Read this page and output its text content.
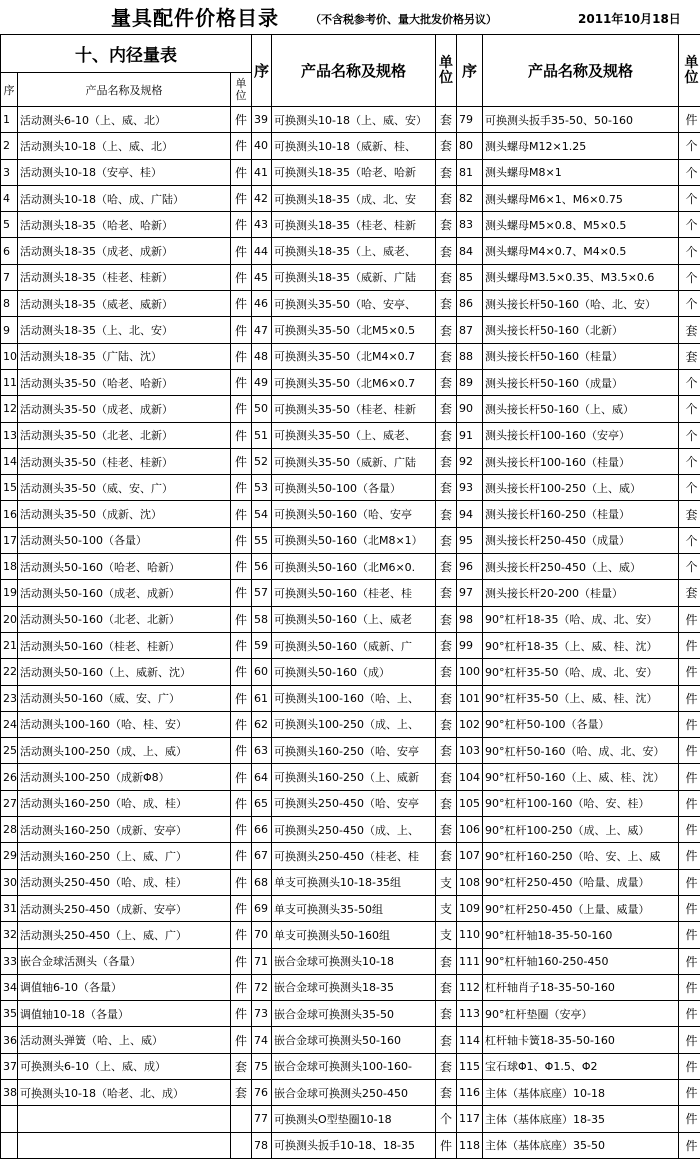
量具配件价格目录	（不含税参考价、量大批发价格另议）	2011年10月18日
十、内径量表			序	产品名称及规格	单位	序	产品名称及规格	单位
序	产品名称及规格	单位						
1	活动测头6-10（上、威、北）	件	39	可换测头10-18（上、威、安）	套	79	可换测头扳手35-50、50-160	件
2	活动测头10-18（上、威、北）	件	40	可换测头10-18（威新、桂、	套	80	测头螺母M12×1.25	个
3	活动测头10-18（安亭、桂）	件	41	可换测头18-35（哈老、哈新	套	81	测头螺母M8×1	个
4	活动测头10-18（哈、成、广陆）	件	42	可换测头18-35（成、北、安	套	82	测头螺母M6×1、M6×0.75	个
5	活动测头18-35（哈老、哈新）	件	43	可换测头18-35（桂老、桂新	套	83	测头螺母M5×0.8、M5×0.5	个
6	活动测头18-35（成老、成新）	件	44	可换测头18-35（上、威老、	套	84	测头螺母M4×0.7、M4×0.5	个
7	活动测头18-35（桂老、桂新）	件	45	可换测头18-35（威新、广陆	套	85	测头螺母M3.5×0.35、M3.5×0.6	个
8	活动测头18-35（威老、威新）	件	46	可换测头35-50（哈、安亭、	套	86	测头接长杆50-160（哈、北、安）	个
9	活动测头18-35（上、北、安）	件	47	可换测头35-50（北M5×0.5	套	87	测头接长杆50-160（北新）	套
10	活动测头18-35（广陆、沈）	件	48	可换测头35-50（北M4×0.7	套	88	测头接长杆50-160（桂量）	套
11	活动测头35-50（哈老、哈新）	件	49	可换测头35-50（北M6×0.7	套	89	测头接长杆50-160（成量）	个
12	活动测头35-50（成老、成新）	件	50	可换测头35-50（桂老、桂新	套	90	测头接长杆50-160（上、威）	个
13	活动测头35-50（北老、北新）	件	51	可换测头35-50（上、威老、	套	91	测头接长杆100-160（安亭）	个
14	活动测头35-50（桂老、桂新）	件	52	可换测头35-50（威新、广陆	套	92	测头接长杆100-160（桂量）	个
15	活动测头35-50（威、安、广）	件	53	可换测头50-100（各量）	套	93	测头接长杆100-250（上、威）	个
16	活动测头35-50（成新、沈）	件	54	可换测头50-160（哈、安亭	套	94	测头接长杆160-250（桂量）	套
17	活动测头50-100（各量）	件	55	可换测头50-160（北M8×1）	套	95	测头接长杆250-450（成量）	个
18	活动测头50-160（哈老、哈新）	件	56	可换测头50-160（北M6×0.	套	96	测头接长杆250-450（上、威）	个
19	活动测头50-160（成老、成新）	件	57	可换测头50-160（桂老、桂	套	97	测头接长杆20-200（桂量）	套
20	活动测头50-160（北老、北新）	件	58	可换测头50-160（上、威老	套	98	90°杠杆18-35（哈、成、北、安）	件
21	活动测头50-160（桂老、桂新）	件	59	可换测头50-160（威新、广	套	99	90°杠杆18-35（上、威、桂、沈）	件
22	活动测头50-160（上、威新、沈）	件	60	可换测头50-160（成）	套	100	90°杠杆35-50（哈、成、北、安）	件
23	活动测头50-160（威、安、广）	件	61	可换测头100-160（哈、上、	套	101	90°杠杆35-50（上、威、桂、沈）	件
24	活动测头100-160（哈、桂、安）	件	62	可换测头100-250（成、上、	套	102	90°杠杆50-100（各量）	件
25	活动测头100-250（成、上、威）	件	63	可换测头160-250（哈、安亭	套	103	90°杠杆50-160（哈、成、北、安）	件
26	活动测头100-250（成新Φ8）	件	64	可换测头160-250（上、威新	套	104	90°杠杆50-160（上、威、桂、沈）	件
27	活动测头160-250（哈、成、桂）	件	65	可换测头250-450（哈、安亭	套	105	90°杠杆100-160（哈、安、桂）	件
28	活动测头160-250（成新、安亭）	件	66	可换测头250-450（成、上、	套	106	90°杠杆100-250（成、上、威）	件
29	活动测头160-250（上、威、广）	件	67	可换测头250-450（桂老、桂	套	107	90°杠杆160-250（哈、安、上、威	件
30	活动测头250-450（哈、成、桂）	件	68	单支可换测头10-18-35组	支	108	90°杠杆250-450（哈量、成量）	件
31	活动测头250-450（成新、安亭）	件	69	单支可换测头35-50组	支	109	90°杠杆250-450（上量、威量）	件
32	活动测头250-450（上、威、广）	件	70	单支可换测头50-160组	支	110	90°杠杆轴18-35-50-160	件
33	嵌合金球活测头（各量）	件	71	嵌合金球可换测头10-18	套	111	90°杠杆轴160-250-450	件
34	调值轴6-10（各量）	件	72	嵌合金球可换测头18-35	套	112	杠杆轴肖子18-35-50-160	件
35	调值轴10-18（各量）	件	73	嵌合金球可换测头35-50	套	113	90°杠杆垫圈（安亭）	件
36	活动测头弹簧（哈、上、威）	件	74	嵌合金球可换测头50-160	套	114	杠杆轴卡簧18-35-50-160	件
37	可换测头6-10（上、威、成）	套	75	嵌合金球可换测头100-160-	套	115	宝石球Φ1、Φ1.5、Φ2	件
38	可换测头10-18（哈老、北、成）	套	76	嵌合金球可换测头250-450	套	116	主体（基体底座）10-18	件
			77	可换测头O型垫圈10-18	个	117	主体（基体底座）18-35	件
			78	可换测头扳手10-18、18-35	件	118	主体（基体底座）35-50	件
